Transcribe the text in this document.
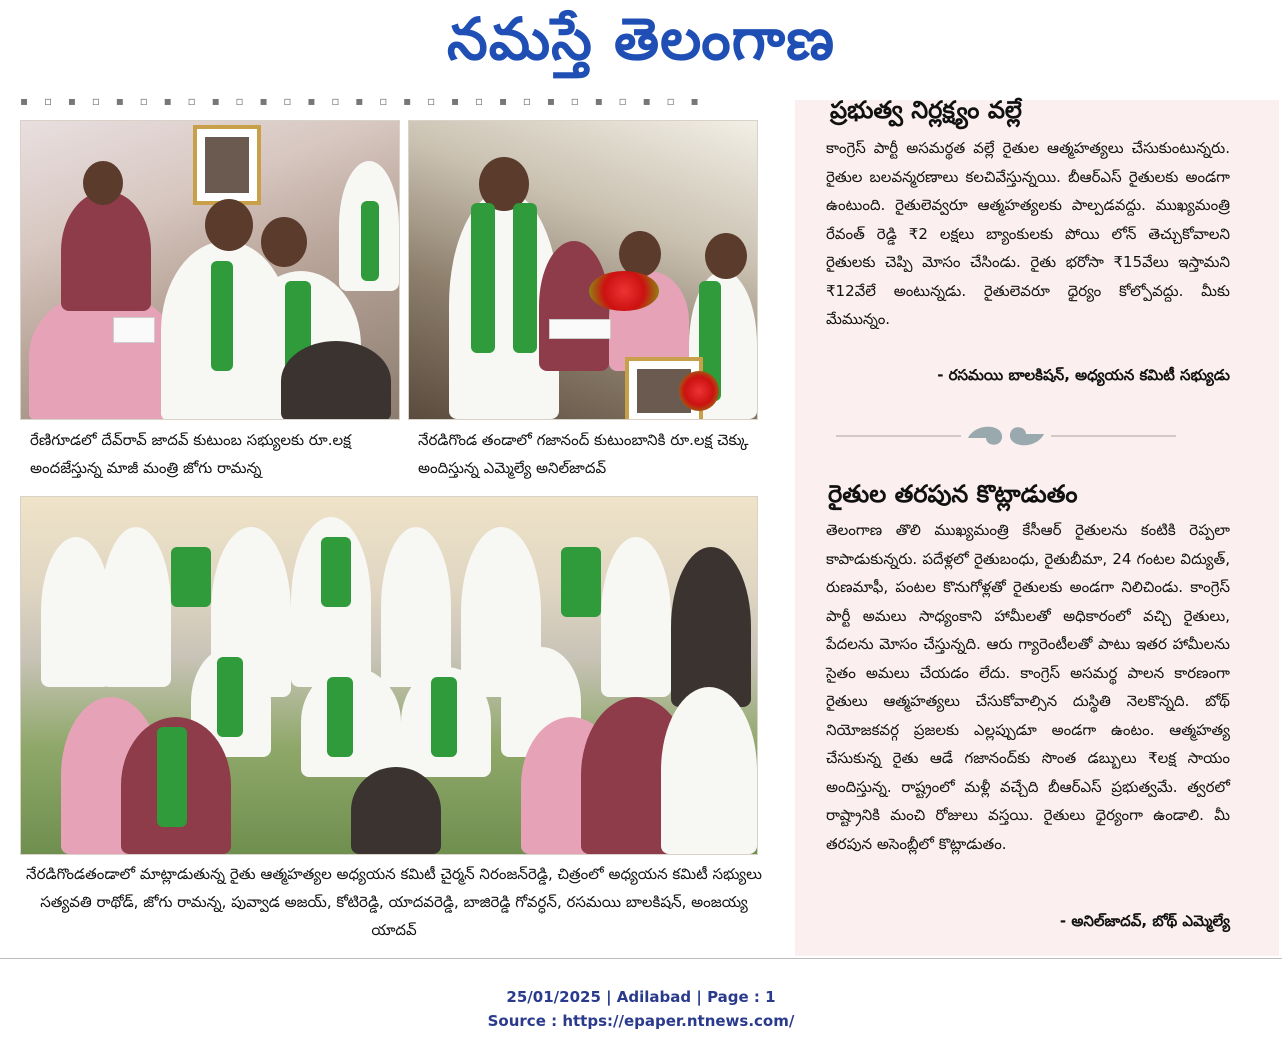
నమస్తే తెలంగాణ
▪ ▫ ▪ ▫ ▪ ▫ ▪ ▫ ▪ ▫ ▪ ▫ ▪ ▫ ▪ ▫ ▪ ▫ ▪ ▫ ▪ ▫ ▪ ▫ ▪ ▫ ▪ ▫ ▪
రేణిగూడలో దేవ్‌రావ్ జాదవ్ కుటుంబ సభ్యులకు రూ.లక్ష అందజేస్తున్న మాజీ మంత్రి జోగు రామన్న
నేరడిగొండ తండాలో గజానంద్ కుటుంబానికి రూ.లక్ష చెక్కు అందిస్తున్న ఎమ్మెల్యే అనిల్‌జాదవ్
నేరడిగొండతండాలో మాట్లాడుతున్న రైతు ఆత్మహత్యల అధ్యయన కమిటీ చైర్మన్ నిరంజన్‌రెడ్డి, చిత్రంలో అధ్యయన కమిటీ సభ్యులు సత్యవతి రాథోడ్, జోగు రామన్న, పువ్వాడ అజయ్, కోటిరెడ్డి, యాదవరెడ్డి, బాజిరెడ్డి గోవర్ధన్, రసమయి బాలకిషన్, అంజయ్య యాదవ్
ప్రభుత్వ నిర్లక్ష్యం వల్లే
కాంగ్రెస్ పార్టీ అసమర్థత వల్లే రైతుల ఆత్మహత్యలు చేసుకుంటున్నరు. రైతుల బలవన్మరణాలు కలచివేస్తున్నయి. బీఆర్‌ఎస్ రైతులకు అండగా ఉంటుంది. రైతులెవ్వరూ ఆత్మహత్యలకు పాల్పడవద్దు. ముఖ్యమంత్రి రేవంత్ రెడ్డి ₹2 లక్షలు బ్యాంకులకు పోయి లోన్ తెచ్చుకోవాలని రైతులకు చెప్పి మోసం చేసిండు. రైతు భరోసా ₹15వేలు ఇస్తామని ₹12వేలే అంటున్నడు. రైతులెవరూ ధైర్యం కోల్పోవద్దు. మీకు మేమున్నం.
- రసమయి బాలకిషన్, అధ్యయన కమిటీ సభ్యుడు
రైతుల తరపున కొట్లాడుతం
తెలంగాణ తొలి ముఖ్యమంత్రి కేసీఆర్ రైతులను కంటికి రెప్పలా కాపాడుకున్నరు. పదేళ్లలో రైతుబంధు, రైతుబీమా, 24 గంటల విద్యుత్, రుణమాఫీ, పంటల కొనుగోళ్లతో రైతులకు అండగా నిలిచిండు. కాంగ్రెస్ పార్టీ అమలు సాధ్యంకాని హామీలతో అధికారంలో వచ్చి రైతులు, పేదలను మోసం చేస్తున్నది. ఆరు గ్యారెంటీలతో పాటు ఇతర హామీలను సైతం అమలు చేయడం లేదు. కాంగ్రెస్ అసమర్థ పాలన కారణంగా రైతులు ఆత్మహత్యలు చేసుకోవాల్సిన దుస్థితి నెలకొన్నది. బోథ్ నియోజకవర్గ ప్రజలకు ఎల్లప్పుడూ అండగా ఉంటం. ఆత్మహత్య చేసుకున్న రైతు ఆడే గజానంద్‌కు సొంత డబ్బులు ₹లక్ష సాయం అందిస్తున్న. రాష్ట్రంలో మళ్లీ వచ్చేది బీఆర్‌ఎస్ ప్రభుత్వమే. త్వరలో రాష్ట్రానికి మంచి రోజులు వస్తయి. రైతులు ధైర్యంగా ఉండాలి. మీ తరపున అసెంబ్లీలో కొట్లాడుతం.
- అనిల్‌జాదవ్, బోథ్ ఎమ్మెల్యే
25/01/2025 | Adilabad | Page : 1
Source : https://epaper.ntnews.com/
